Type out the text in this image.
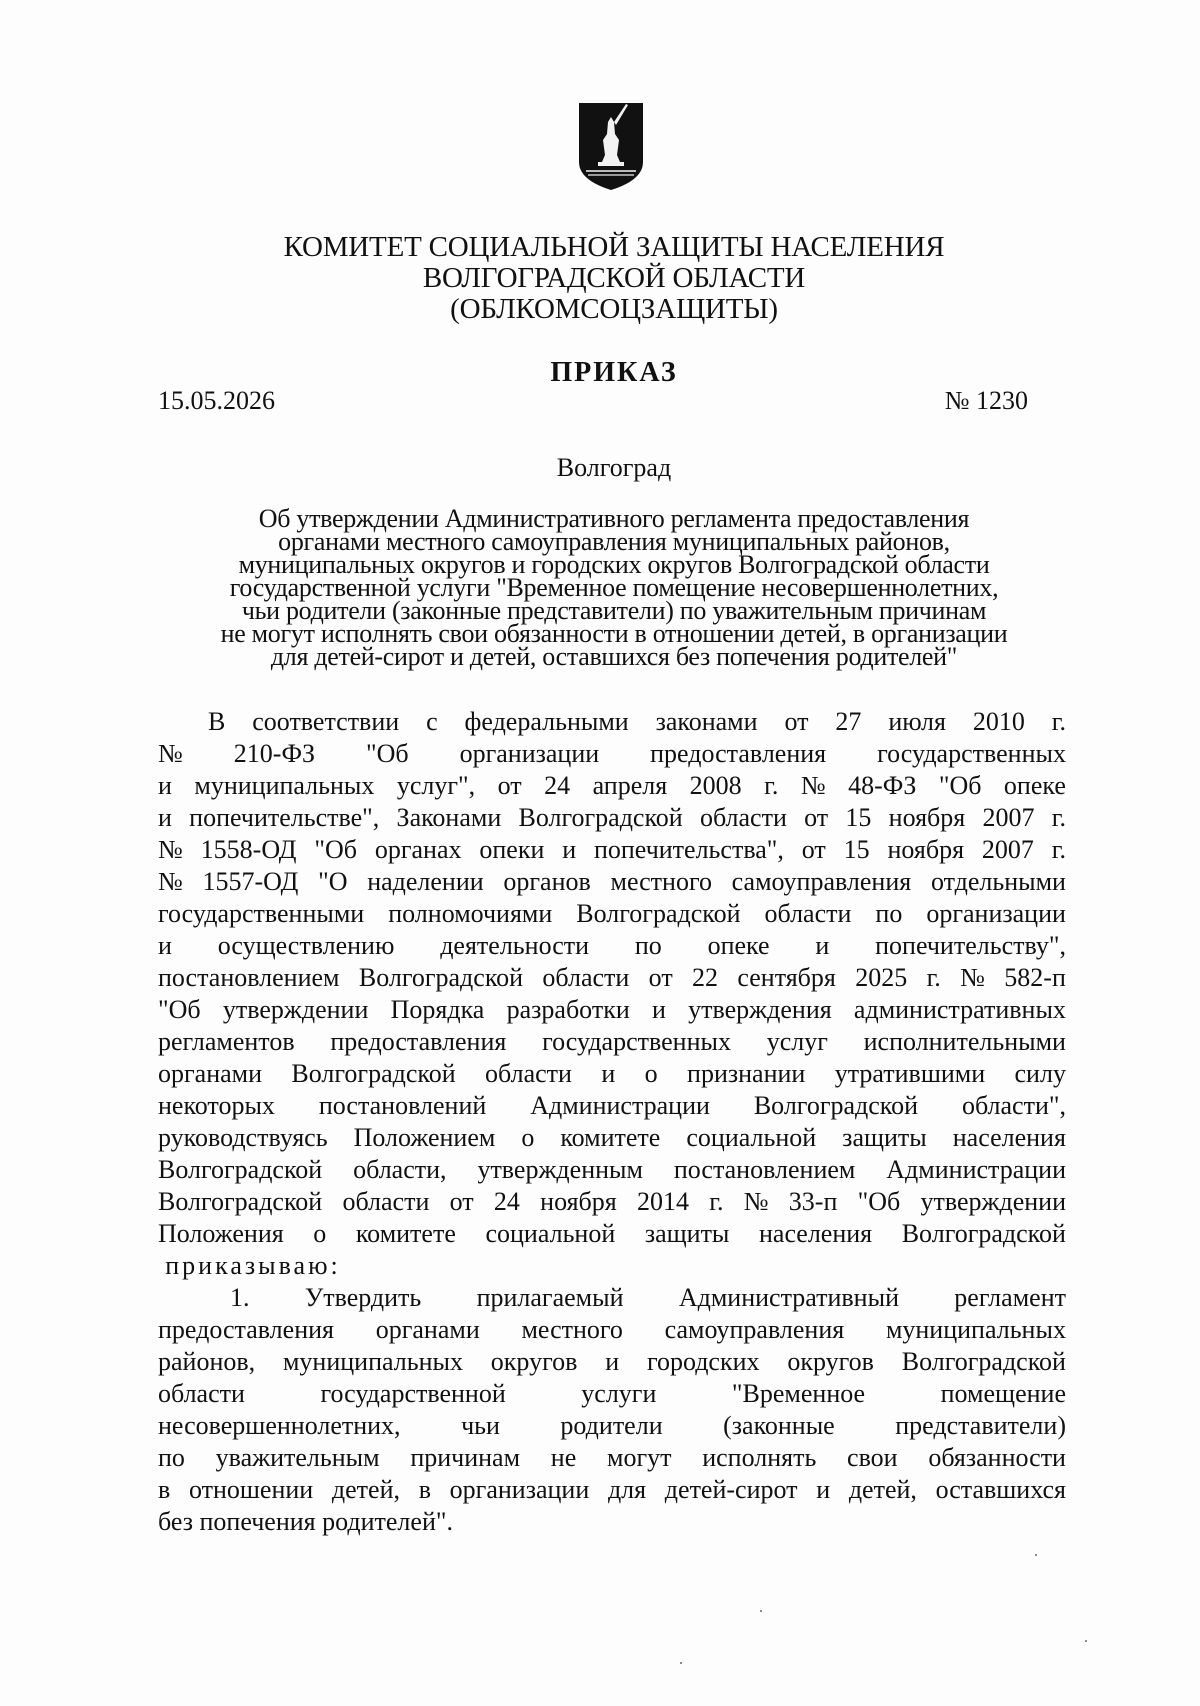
КОМИТЕТ СОЦИАЛЬНОЙ ЗАЩИТЫ НАСЕЛЕНИЯ
ВОЛГОГРАДСКОЙ ОБЛАСТИ
(ОБЛКОМСОЦЗАЩИТЫ)
ПРИКАЗ
15.05.2026	№ 1230
Волгоград
Об утверждении Административного регламента предоставления
органами местного самоуправления муниципальных районов,
муниципальных округов и городских округов Волгоградской области
государственной услуги "Временное помещение несовершеннолетних,
чьи родители (законные представители) по уважительным причинам
не могут исполнять свои обязанности в отношении детей, в организации
для детей-сирот и детей, оставшихся без попечения родителей"
В соответствии с федеральными законами от 27 июля 2010 г.
№ 210-ФЗ "Об организации предоставления государственных
и муниципальных услуг", от 24 апреля 2008 г. № 48-ФЗ "Об опеке
и попечительстве", Законами Волгоградской области от 15 ноября 2007 г.
№ 1558-ОД "Об органах опеки и попечительства", от 15 ноября 2007 г.
№ 1557-ОД "О наделении органов местного самоуправления отдельными
государственными полномочиями Волгоградской области по организации
и осуществлению деятельности по опеке и попечительству",
постановлением Волгоградской области от 22 сентября 2025 г. № 582-п
"Об утверждении Порядка разработки и утверждения административных
регламентов предоставления государственных услуг исполнительными
органами Волгоградской области и о признании утратившими силу
некоторых постановлений Администрации Волгоградской области",
руководствуясь Положением о комитете социальной защиты населения
Волгоградской области, утвержденным постановлением Администрации
Волгоградской области от 24 ноября 2014 г. № 33-п "Об утверждении
Положения о комитете социальной защиты населения Волгоградской
приказываю:
1. Утвердить прилагаемый Административный регламент
предоставления органами местного самоуправления муниципальных
районов, муниципальных округов и городских округов Волгоградской
области	государственной	услуги	"Временное	помещение
несовершеннолетних, чьи родители (законные представители)
по уважительным причинам не могут исполнять свои обязанности
в отношении детей, в организации для детей-сирот и детей, оставшихся
без попечения родителей".
